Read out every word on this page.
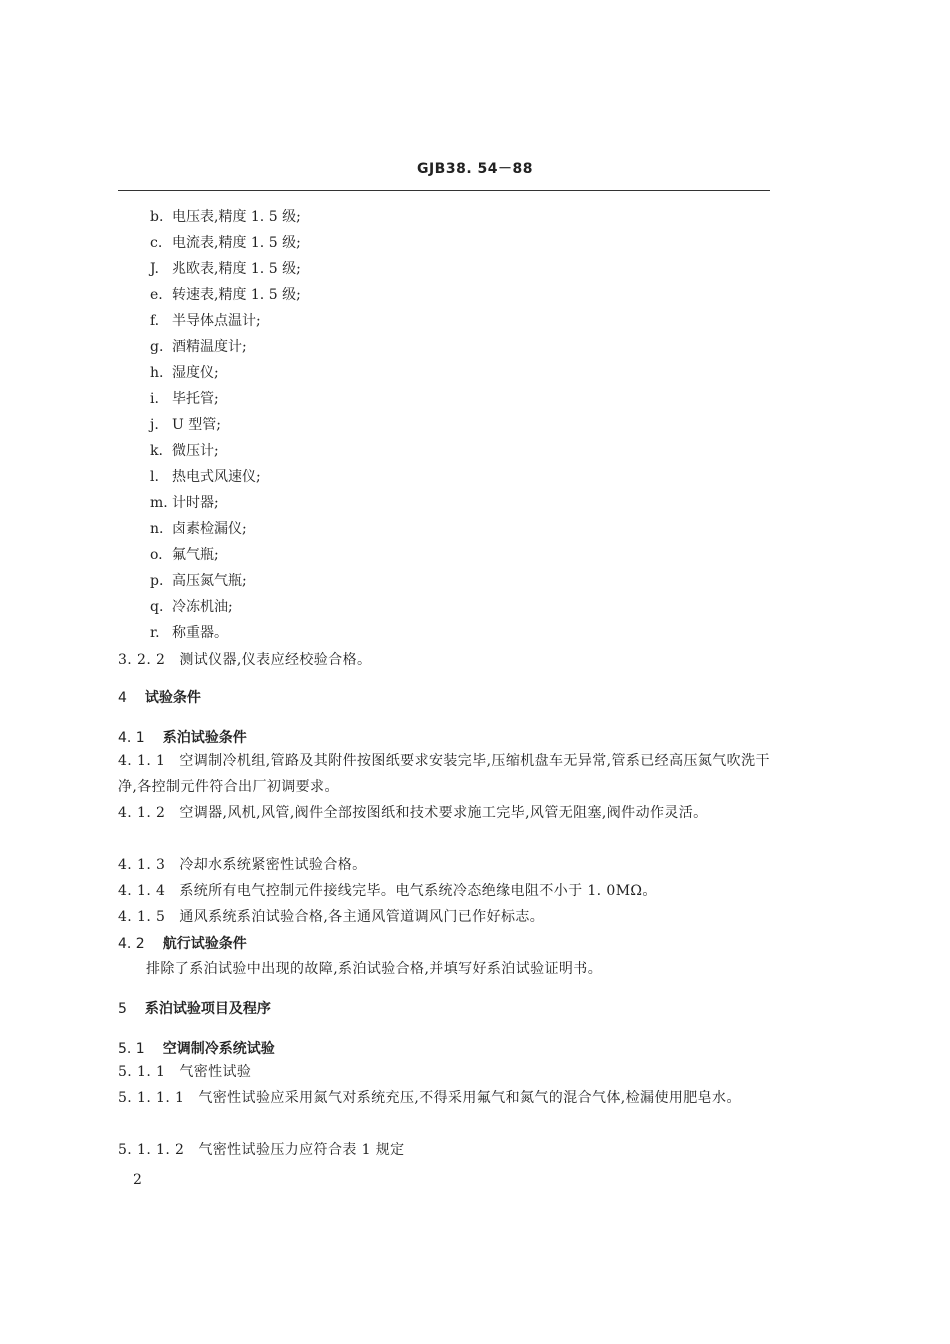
GJB38. 54－88
b. 电压表,精度 1. 5 级;
c. 电流表,精度 1. 5 级;
J. 兆欧表,精度 1. 5 级;
e. 转速表,精度 1. 5 级;
f. 半导体点温计;
g. 酒精温度计;
h. 湿度仪;
i. 毕托管;
j. U 型管;
k. 微压计;
l. 热电式风速仪;
m. 计时器;
n. 卤素检漏仪;
o. 氟气瓶;
p. 高压氮气瓶;
q. 冷冻机油;
r. 称重器。
3. 2. 2 测试仪器,仪表应经校验合格。
4 试验条件
4. 1 系泊试验条件
4. 1. 1 空调制冷机组,管路及其附件按图纸要求安装完毕,压缩机盘车无异常,管系已经高压氮气吹洗干净,各控制元件符合出厂初调要求。
4. 1. 2 空调器,风机,风管,阀件全部按图纸和技术要求施工完毕,风管无阻塞,阀件动作灵活。
4. 1. 3 冷却水系统紧密性试验合格。
4. 1. 4 系统所有电气控制元件接线完毕。电气系统冷态绝缘电阻不小于 1. 0MΩ。
4. 1. 5 通风系统系泊试验合格,各主通风管道调风门已作好标志。
4. 2 航行试验条件
排除了系泊试验中出现的故障,系泊试验合格,并填写好系泊试验证明书。
5 系泊试验项目及程序
5. 1 空调制冷系统试验
5. 1. 1 气密性试验
5. 1. 1. 1 气密性试验应采用氮气对系统充压,不得采用氟气和氮气的混合气体,检漏使用肥皂水。
5. 1. 1. 2 气密性试验压力应符合表 1 规定
2
